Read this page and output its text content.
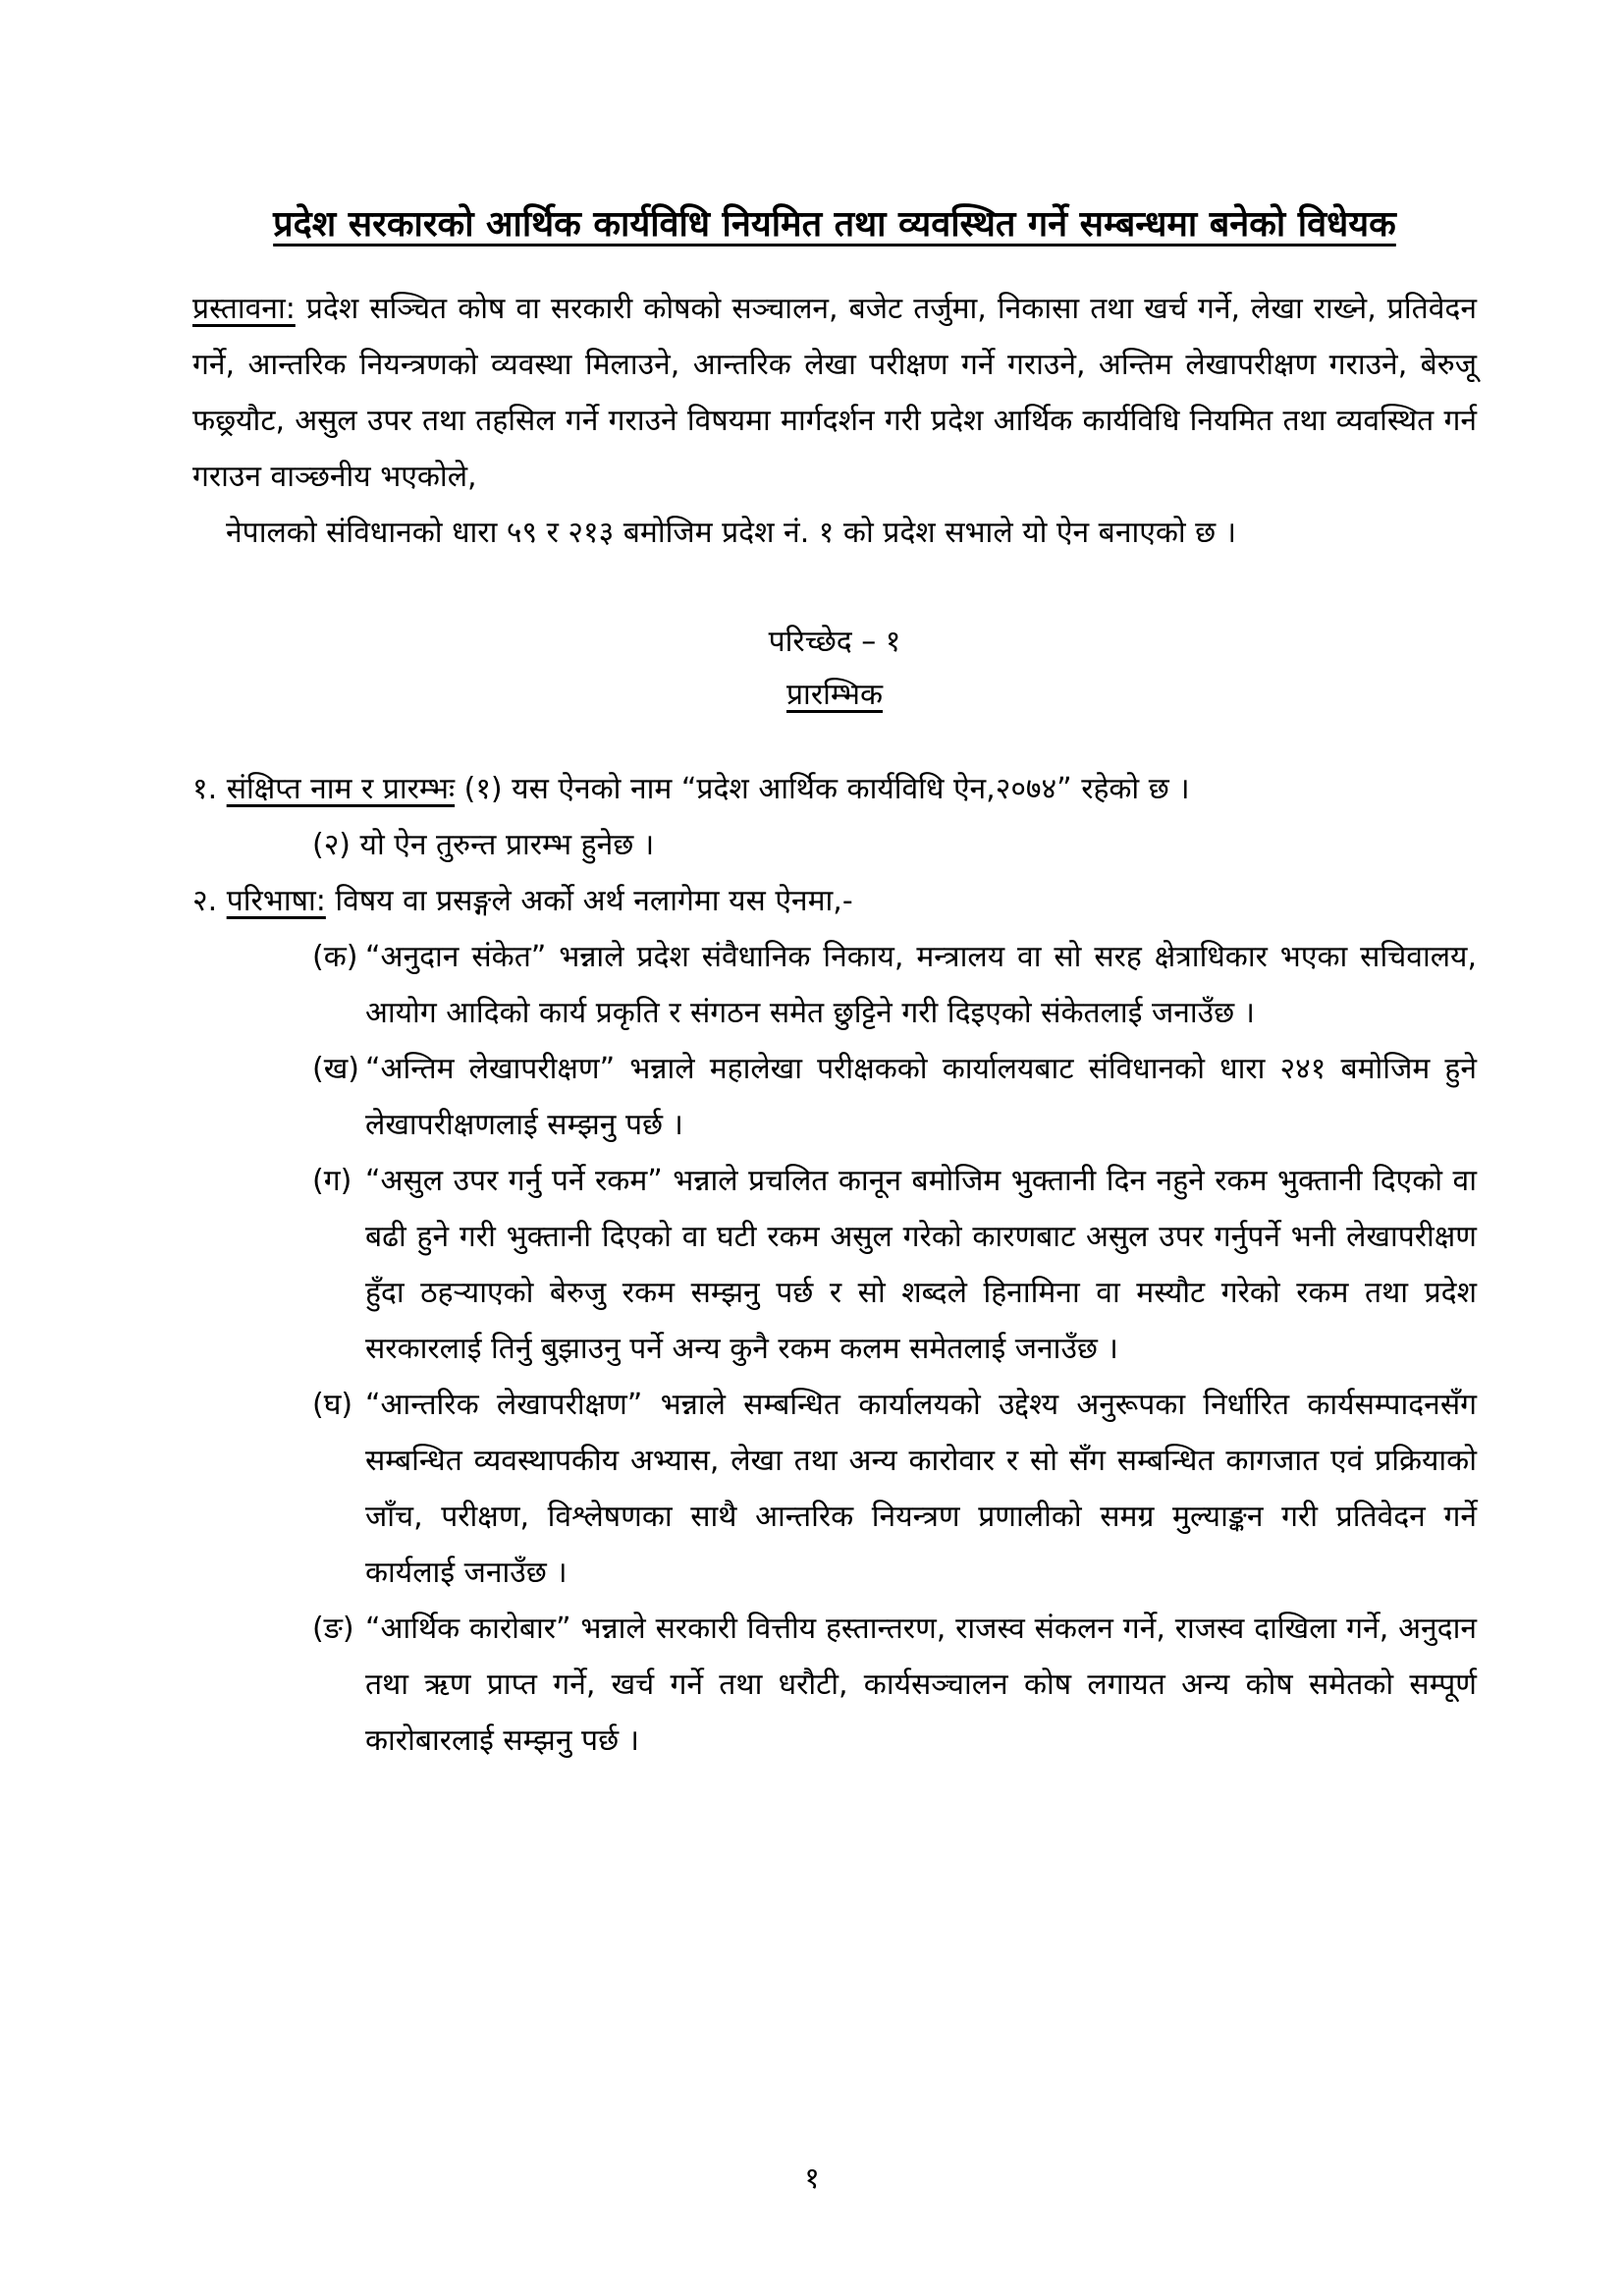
प्रदेश सरकारको आर्थिक कार्यविधि नियमित तथा व्यवस्थित गर्ने सम्बन्धमा बनेको विधेयक

प्रस्तावना: प्रदेश सञ्चित कोष वा सरकारी कोषको सञ्चालन, बजेट तर्जुमा, निकासा तथा खर्च गर्ने, लेखा राख्ने, प्रतिवेदन गर्ने, आन्तरिक नियन्त्रणको व्यवस्था मिलाउने, आन्तरिक लेखा परीक्षण गर्ने गराउने, अन्तिम लेखापरीक्षण गराउने, बेरुजू फछ्र्यौट, असुल उपर तथा तहसिल गर्ने गराउने विषयमा मार्गदर्शन गरी प्रदेश आर्थिक कार्यविधि नियमित तथा व्यवस्थित गर्न गराउन वाञ्छनीय भएकोले,

नेपालको संविधानको धारा ५९ र २१३ बमोजिम प्रदेश नं. १ को प्रदेश सभाले यो ऐन बनाएको छ ।

परिच्छेद – १
प्रारम्भिक

१. संक्षिप्त नाम र प्रारम्भः (१) यस ऐनको नाम “प्रदेश आर्थिक कार्यविधि ऐन,२०७४” रहेको छ ।

(२) यो ऐन तुरुन्त प्रारम्भ हुनेछ ।

२. परिभाषा: विषय वा प्रसङ्गले अर्को अर्थ नलागेमा यस ऐनमा,-

(क) “अनुदान संकेत” भन्नाले प्रदेश संवैधानिक निकाय, मन्त्रालय वा सो सरह क्षेत्राधिकार भएका सचिवालय, आयोग आदिको कार्य प्रकृति र संगठन समेत छुट्टिने गरी दिइएको संकेतलाई जनाउँछ ।
(ख) “अन्तिम लेखापरीक्षण” भन्नाले महालेखा परीक्षकको कार्यालयबाट संविधानको धारा २४१ बमोजिम हुने लेखापरीक्षणलाई सम्झनु पर्छ ।
(ग) “असुल उपर गर्नु पर्ने रकम” भन्नाले प्रचलित कानून बमोजिम भुक्तानी दिन नहुने रकम भुक्तानी दिएको वा बढी हुने गरी भुक्तानी दिएको वा घटी रकम असुल गरेको कारणबाट असुल उपर गर्नुपर्ने भनी लेखापरीक्षण हुँदा ठहर्‍याएको बेरुजु रकम सम्झनु पर्छ र सो शब्दले हिनामिना वा मस्यौट गरेको रकम तथा प्रदेश सरकारलाई तिर्नु बुझाउनु पर्ने अन्य कुनै रकम कलम समेतलाई जनाउँछ ।
(घ) “आन्तरिक लेखापरीक्षण” भन्नाले सम्बन्धित कार्यालयको उद्देश्य अनुरूपका निर्धारित कार्यसम्पादनसँग सम्बन्धित व्यवस्थापकीय अभ्यास, लेखा तथा अन्य कारोवार र सो सँग सम्बन्धित कागजात एवं प्रक्रियाको जाँच, परीक्षण, विश्लेषणका साथै आन्तरिक नियन्त्रण प्रणालीको समग्र मुल्याङ्कन गरी प्रतिवेदन गर्ने कार्यलाई जनाउँछ ।
(ङ) “आर्थिक कारोबार” भन्नाले सरकारी वित्तीय हस्तान्तरण, राजस्व संकलन गर्ने, राजस्व दाखिला गर्ने, अनुदान तथा ऋण प्राप्त गर्ने, खर्च गर्ने तथा धरौटी, कार्यसञ्चालन कोष लगायत अन्य कोष समेतको सम्पूर्ण कारोबारलाई सम्झनु पर्छ ।
१
